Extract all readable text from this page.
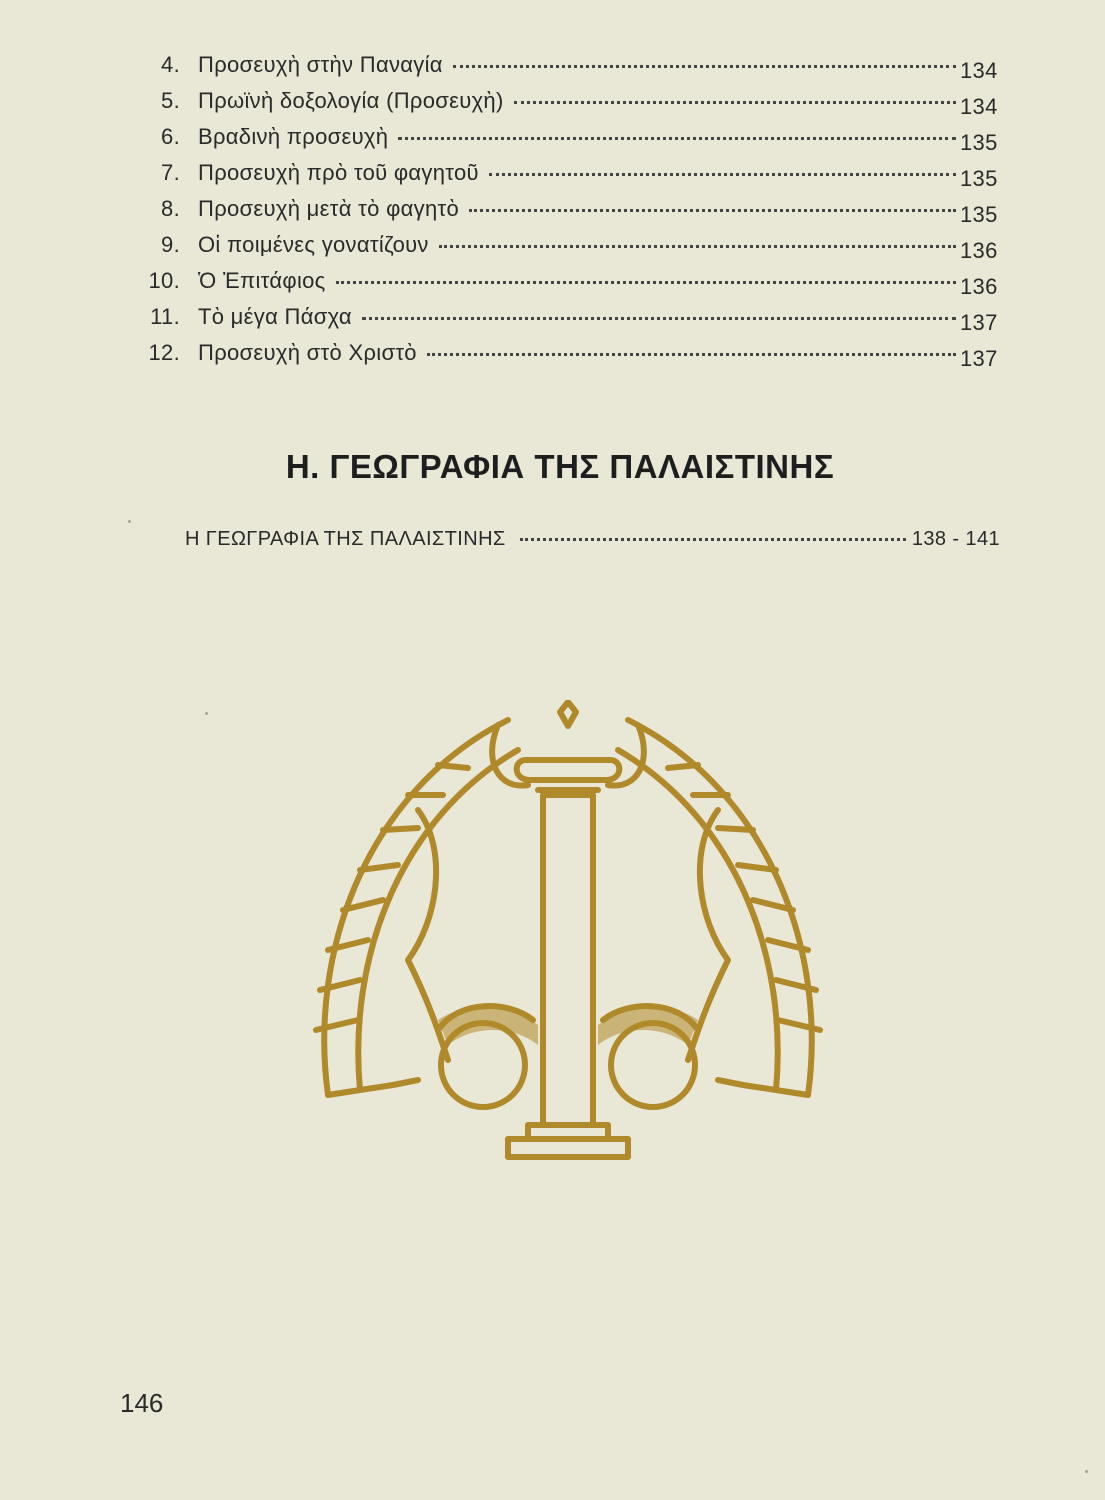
4. Προσευχὴ στὴν Παναγία	134
5. Πρωϊνὴ δοξολογία (Προσευχὴ)	134
6. Βραδινὴ προσευχὴ	135
7. Προσευχὴ πρὸ τοῦ φαγητοῦ	135
8. Προσευχὴ μετὰ τὸ φαγητὸ	135
9. Οἱ ποιμένες γονατίζουν	136
10. Ὁ Ἐπιτάφιος	136
11. Τὸ μέγα Πάσχα	137
12. Προσευχὴ στὸ Χριστὸ	137
Η. ΓΕΩΓΡΑΦΙΑ ΤΗΣ ΠΑΛΑΙΣΤΙΝΗΣ
Η ΓΕΩΓΡΑΦΙΑ ΤΗΣ ΠΑΛΑΙΣΤΙΝΗΣ	138 - 141
146
